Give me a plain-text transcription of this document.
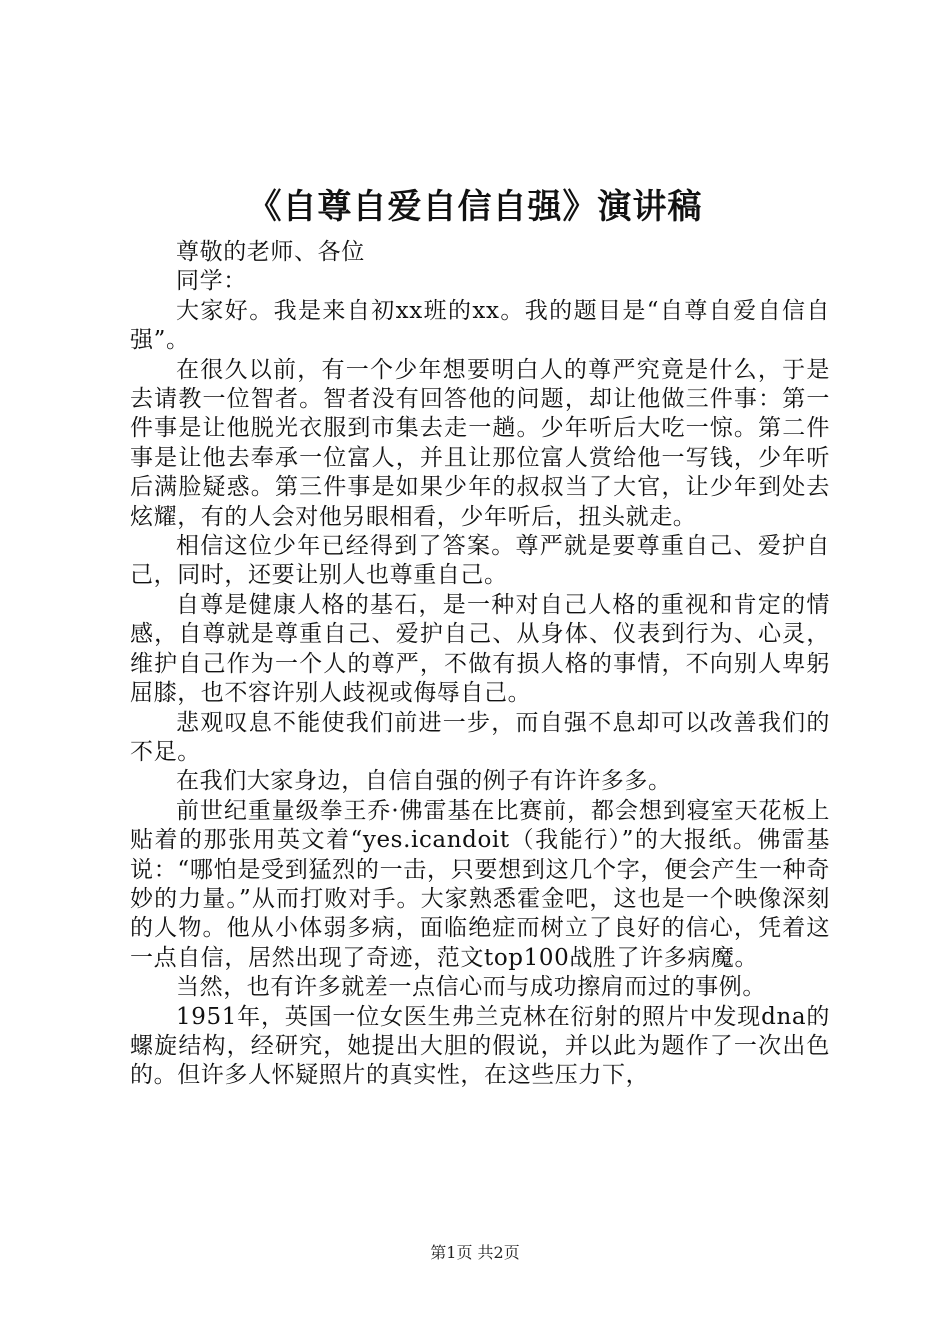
《自尊自爱自信自强》演讲稿

尊敬的老师、各位

同学：

大家好。我是来自初xx班的xx。我的题目是“自尊自爱自信自强”。

在很久以前，有一个少年想要明白人的尊严究竟是什么，于是去请教一位智者。智者没有回答他的问题，却让他做三件事：第一件事是让他脱光衣服到市集去走一趟。少年听后大吃一惊。第二件事是让他去奉承一位富人，并且让那位富人赏给他一写钱，少年听后满脸疑惑。第三件事是如果少年的叔叔当了大官，让少年到处去炫耀，有的人会对他另眼相看，少年听后，扭头就走。

相信这位少年已经得到了答案。尊严就是要尊重自己、爱护自己，同时，还要让别人也尊重自己。

自尊是健康人格的基石，是一种对自己人格的重视和肯定的情感，自尊就是尊重自己、爱护自己、从身体、仪表到行为、心灵，维护自己作为一个人的尊严，不做有损人格的事情，不向别人卑躬屈膝，也不容许别人歧视或侮辱自己。

悲观叹息不能使我们前进一步，而自强不息却可以改善我们的不足。

在我们大家身边，自信自强的例子有许许多多。

前世纪重量级拳王乔·佛雷基在比赛前，都会想到寝室天花板上贴着的那张用英文着“yes.icandoit（我能行）”的大报纸。佛雷基说：“哪怕是受到猛烈的一击，只要想到这几个字，便会产生一种奇妙的力量。”从而打败对手。大家熟悉霍金吧，这也是一个映像深刻的人物。他从小体弱多病，面临绝症而树立了良好的信心，凭着这一点自信，居然出现了奇迹，范文top100战胜了许多病魔。

当然，也有许多就差一点信心而与成功擦肩而过的事例。

1951年，英国一位女医生弗兰克林在衍射的照片中发现dna的螺旋结构，经研究，她提出大胆的假说，并以此为题作了一次出色的。但许多人怀疑照片的真实性，在这些压力下，

第1页 共2页
